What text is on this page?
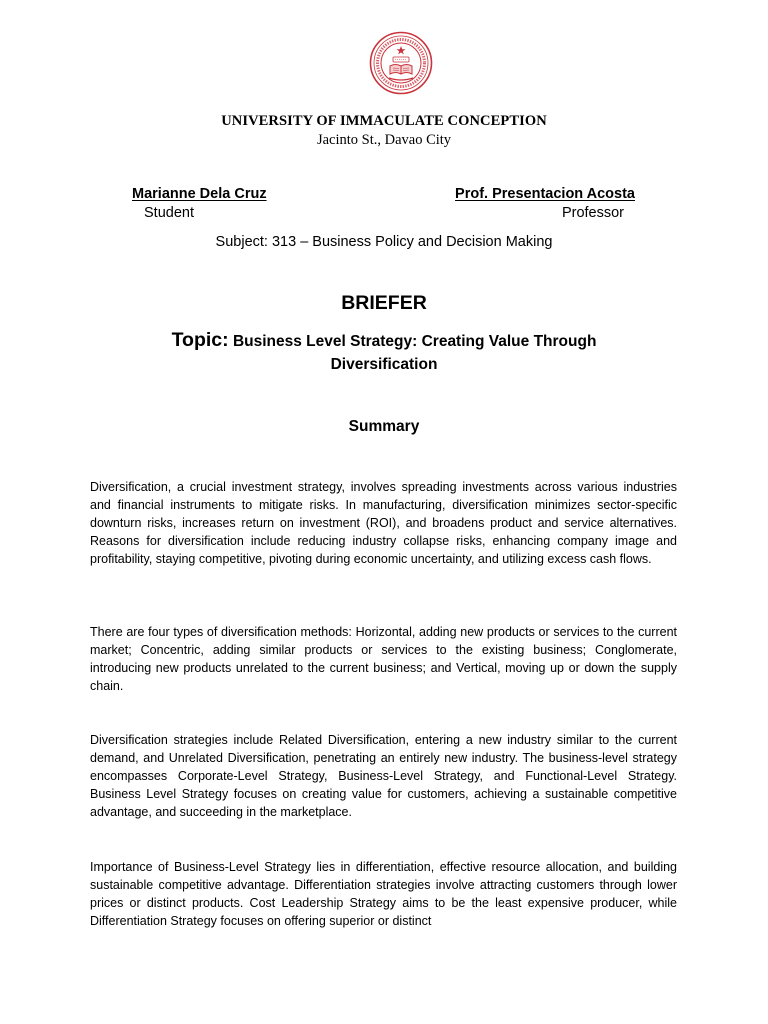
UNIVERSITY OF IMMACULATE CONCEPTION
Jacinto St., Davao City
Marianne Dela Cruz
Student
Prof. Presentacion Acosta
Professor
Subject: 313 – Business Policy and Decision Making
BRIEFER
Topic: Business Level Strategy: Creating Value Through Diversification
Summary

Diversification, a crucial investment strategy, involves spreading investments across various industries and financial instruments to mitigate risks. In manufacturing, diversification minimizes sector-specific downturn risks, increases return on investment (ROI), and broadens product and service alternatives. Reasons for diversification include reducing industry collapse risks, enhancing company image and profitability, staying competitive, pivoting during economic uncertainty, and utilizing excess cash flows.

There are four types of diversification methods: Horizontal, adding new products or services to the current market; Concentric, adding similar products or services to the existing business; Conglomerate, introducing new products unrelated to the current business; and Vertical, moving up or down the supply chain.

Diversification strategies include Related Diversification, entering a new industry similar to the current demand, and Unrelated Diversification, penetrating an entirely new industry. The business-level strategy encompasses Corporate-Level Strategy, Business-Level Strategy, and Functional-Level Strategy. Business Level Strategy focuses on creating value for customers, achieving a sustainable competitive advantage, and succeeding in the marketplace.

Importance of Business-Level Strategy lies in differentiation, effective resource allocation, and building sustainable competitive advantage. Differentiation strategies involve attracting customers through lower prices or distinct products. Cost Leadership Strategy aims to be the least expensive producer, while Differentiation Strategy focuses on offering superior or distinct
